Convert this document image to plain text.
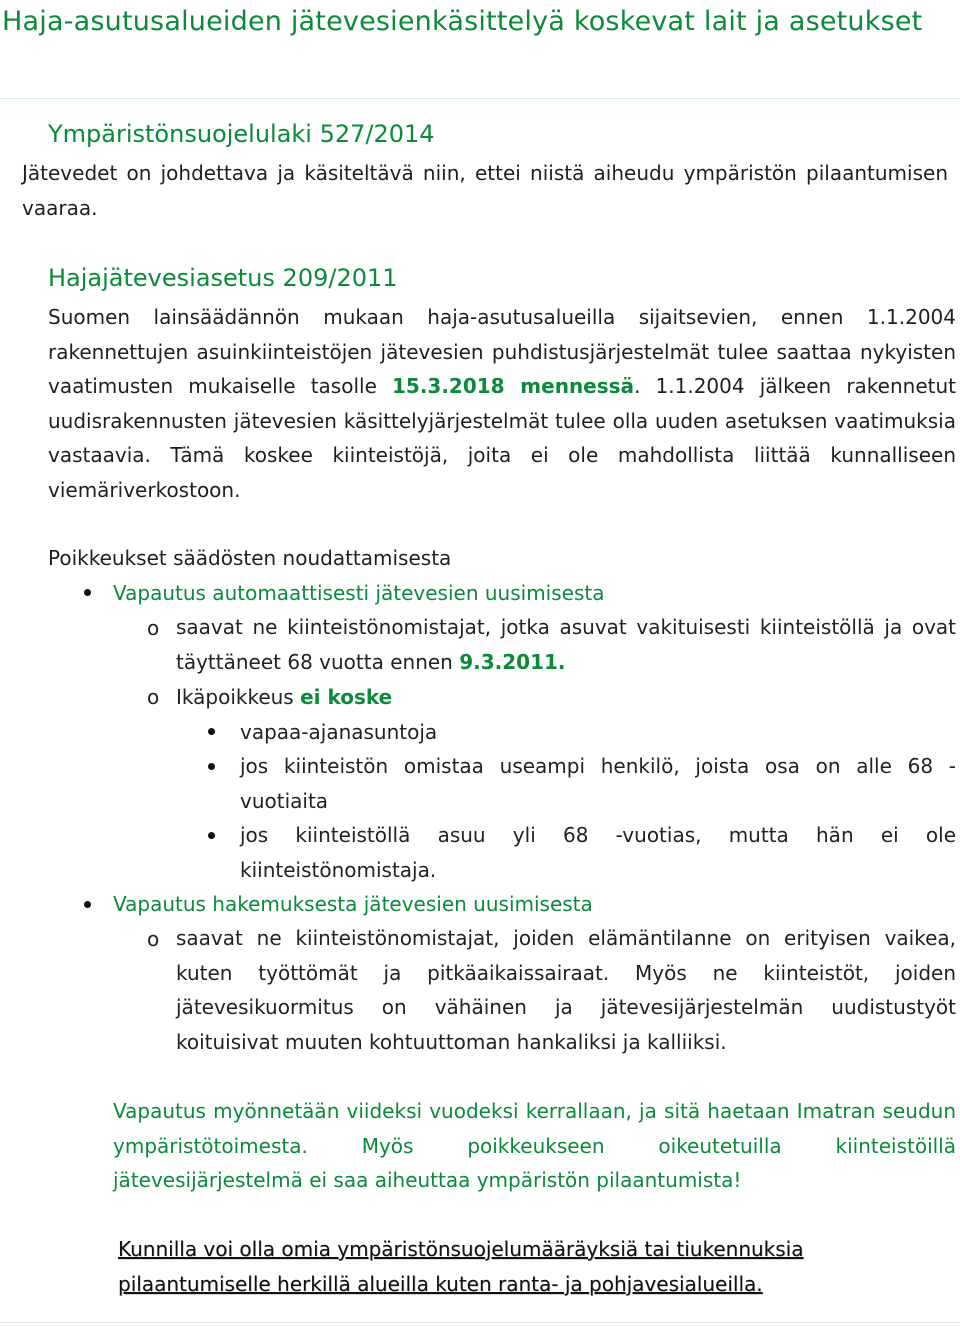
Haja-asutusalueiden jätevesienkäsittelyä koskevat lait ja asetukset
Ympäristönsuojelulaki 527/2014
Jätevedet on johdettava ja käsiteltävä niin, ettei niistä aiheudu ympäristön pilaantumisen vaaraa.
Hajajätevesiasetus 209/2011
Suomen lainsäädännön mukaan haja-asutusalueilla sijaitsevien, ennen 1.1.2004 rakennettujen asuinkiinteistöjen jätevesien puhdistusjärjestelmät tulee saattaa nykyisten vaatimusten mukaiselle tasolle 15.3.2018 mennessä. 1.1.2004 jälkeen rakennetut uudisrakennusten jätevesien käsittelyjärjestelmät tulee olla uuden asetuksen vaatimuksia vastaavia. Tämä koskee kiinteistöjä, joita ei ole mahdollista liittää kunnalliseen viemäriverkostoon.
Poikkeukset säädösten noudattamisesta
Vapautus automaattisesti jätevesien uusimisesta
o saavat ne kiinteistönomistajat, jotka asuvat vakituisesti kiinteistöllä ja ovat täyttäneet 68 vuotta ennen 9.3.2011.
o Ikäpoikkeus ei koske
vapaa-ajanasuntoja
jos kiinteistön omistaa useampi henkilö, joista osa on alle 68 - vuotiaita
jos kiinteistöllä asuu yli 68 -vuotias, mutta hän ei ole kiinteistönomistaja.
Vapautus hakemuksesta jätevesien uusimisesta
o saavat ne kiinteistönomistajat, joiden elämäntilanne on erityisen vaikea, kuten työttömät ja pitkäaikaissairaat. Myös ne kiinteistöt, joiden jätevesikuormitus on vähäinen ja jätevesijärjestelmän uudistustyöt koituisivat muuten kohtuuttoman hankaliksi ja kalliiksi.
Vapautus myönnetään viideksi vuodeksi kerrallaan, ja sitä haetaan Imatran seudun ympäristötoimesta. Myös poikkeukseen oikeutetuilla kiinteistöillä jätevesijärjestelmä ei saa aiheuttaa ympäristön pilaantumista!
Kunnilla voi olla omia ympäristönsuojelumääräyksiä tai tiukennuksia pilaantumiselle herkillä alueilla kuten ranta- ja pohjavesialueilla.
